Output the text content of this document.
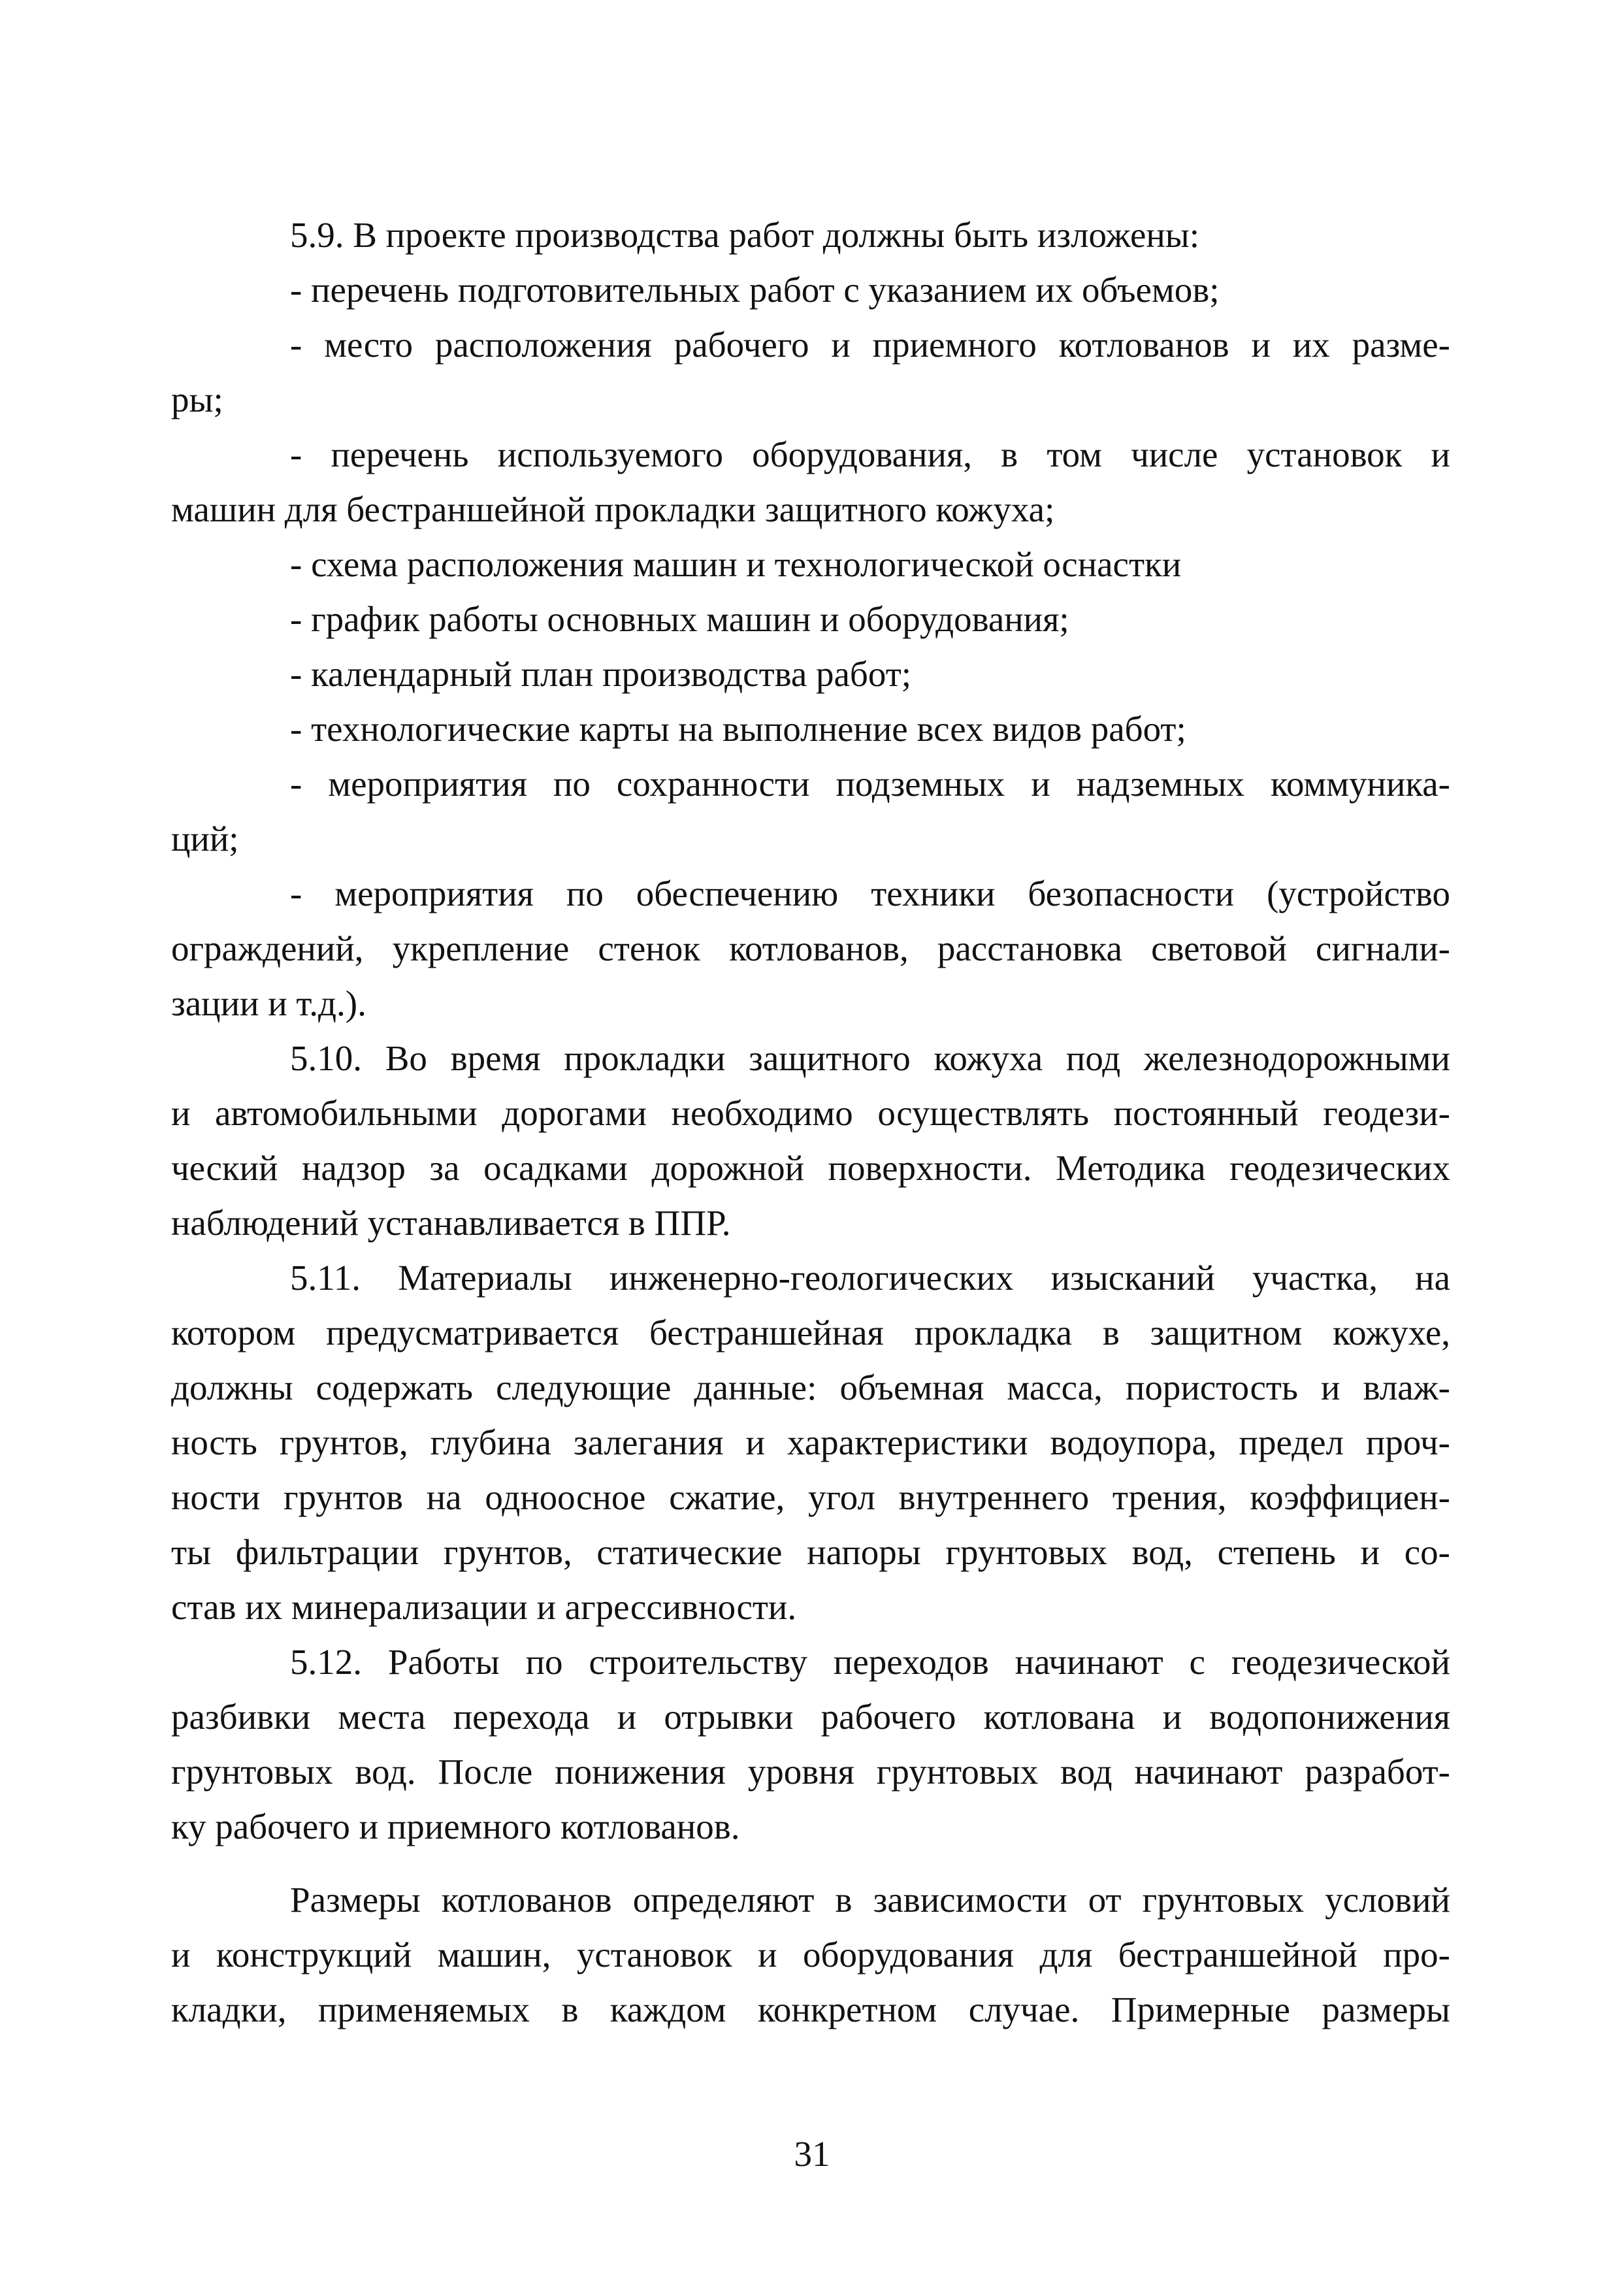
5.9. В проекте производства работ должны быть изложены:
- перечень подготовительных работ с указанием их объемов;
- место расположения рабочего и приемного котлованов и их разме-
ры;
- перечень используемого оборудования, в том числе установок и
машин для бестраншейной прокладки защитного кожуха;
- схема расположения машин и технологической оснастки
- график работы основных машин и оборудования;
- календарный план производства работ;
- технологические карты на выполнение всех видов работ;
- мероприятия по сохранности подземных и надземных коммуника-
ций;
- мероприятия по обеспечению техники безопасности (устройство
ограждений, укрепление стенок котлованов, расстановка световой сигнали-
зации и т.д.).
5.10. Во время прокладки защитного кожуха под железнодорожными
и автомобильными дорогами необходимо осуществлять постоянный геодези-
ческий надзор за осадками дорожной поверхности. Методика геодезических
наблюдений устанавливается в ППР.
5.11. Материалы инженерно-геологических изысканий участка, на
котором предусматривается бестраншейная прокладка в защитном кожухе,
должны содержать следующие данные: объемная масса, пористость и влаж-
ность грунтов, глубина залегания и характеристики водоупора, предел проч-
ности грунтов на одноосное сжатие, угол внутреннего трения, коэффициен-
ты фильтрации грунтов, статические напоры грунтовых вод, степень и со-
став их минерализации и агрессивности.
5.12. Работы по строительству переходов начинают с геодезической
разбивки места перехода и отрывки рабочего котлована и водопонижения
грунтовых вод. После понижения уровня грунтовых вод начинают разработ-
ку рабочего и приемного котлованов.
Размеры котлованов определяют в зависимости от грунтовых условий
и конструкций машин, установок и оборудования для бестраншейной про-
кладки, применяемых в каждом конкретном случае. Примерные размеры
31
